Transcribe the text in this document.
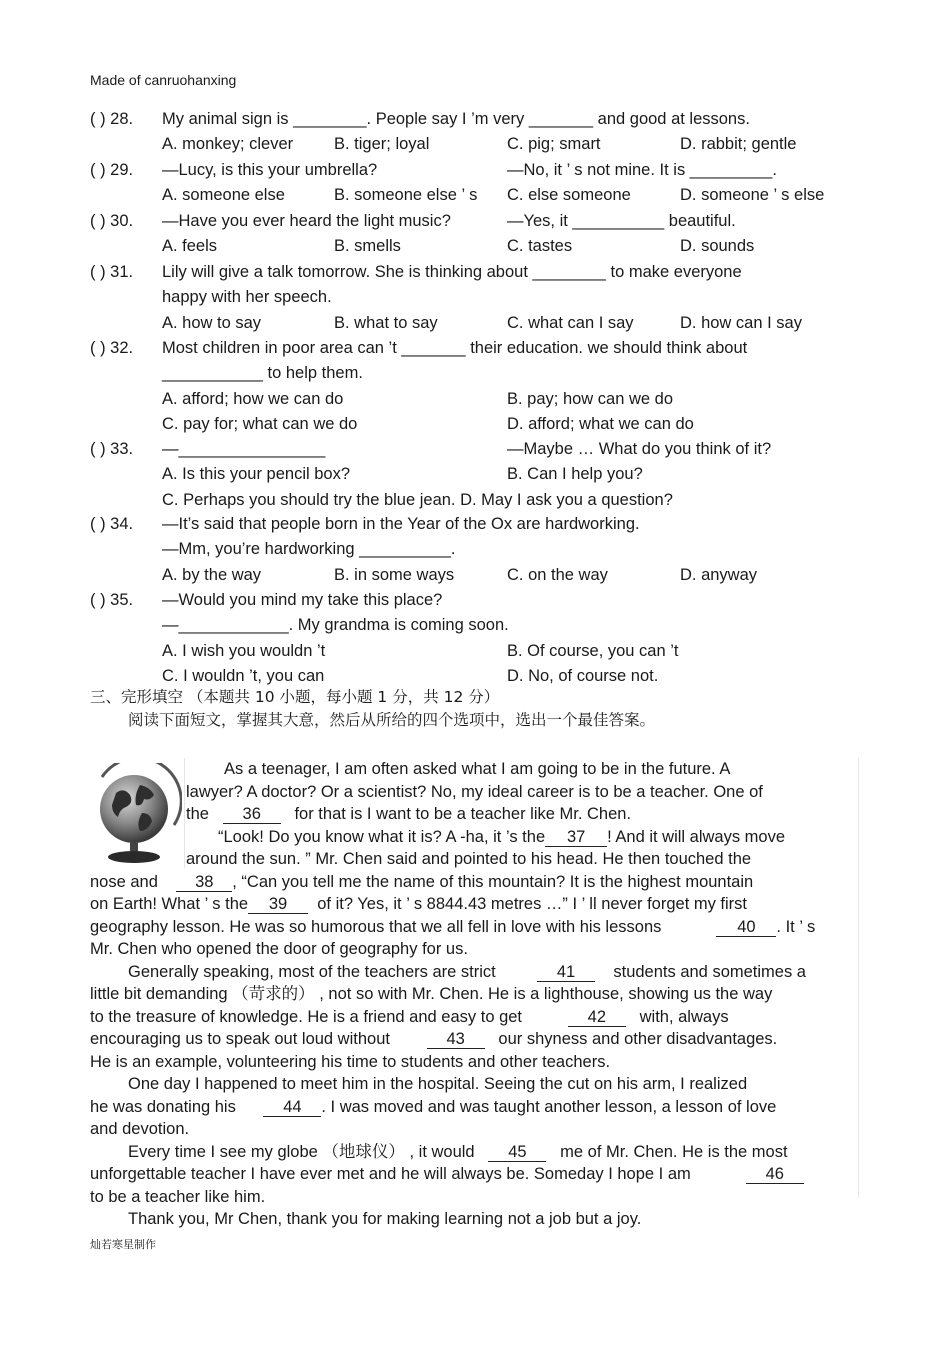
Made of canruohanxing
( ) 28. My animal sign is ________. People say I ’m very _______ and good at lessons.
A. monkey; clever B. tiger; loyal	C. pig; smart	D. rabbit; gentle
( ) 29. —Lucy, is this your umbrella?	—No, it ’ s not mine. It is _________.
A. someone else	B. someone else ’ s C. else someone	D. someone ’ s else
( ) 30. —Have you ever heard the light music?	—Yes, it __________ beautiful.
A. feels	B. smells	C. tastes	D. sounds
( ) 31. Lily will give a talk tomorrow. She is thinking about ________ to make everyone
happy with her speech.
A. how to say	B. what to say	C. what can I say	D. how can I say
( ) 32. Most children in poor area can ’t _______ their education. we should think about
___________ to help them.
A. afford; how we can do	B. pay; how can we do
C. pay for; what can we do	D. afford; what we can do
( ) 33. —________________	—Maybe … What do you think of it?
A. Is this your pencil box?	B. Can I help you?
C. Perhaps you should try the blue jean. D. May I ask you a question?
( ) 34. —It’s said that people born in the Year of the Ox are hardworking.
—Mm, you’re hardworking __________.
A. by the way	B. in some ways	C. on the way	D. anyway
( ) 35. —Would you mind my take this place?
—____________. My grandma is coming soon.
A. I wish you wouldn ’t	B. Of course, you can ’t
C. I wouldn ’t, you can	D. No, of course not.
三、完形填空 （本题共 10 小题，每小题 1 分，共 12 分）
阅读下面短文，掌握其大意，然后从所给的四个选项中，选出一个最佳答案。
As a teenager, I am often asked what I am going to be in the future. A
lawyer? A doctor? Or a scientist? No, my ideal career is to be a teacher. One of
the 36 for that is I want to be a teacher like Mr. Chen.
“Look! Do you know what it is? A -ha, it ’s the 37 ! And it will always move
around the sun. ” Mr. Chen said and pointed to his head. He then touched the
nose and 38 , “Can you tell me the name of this mountain? It is the highest mountain
on Earth! What ’ s the 39 of it? Yes, it ’ s 8844.43 metres …” I ’ ll never forget my first
geography lesson. He was so humorous that we all fell in love with his lessons	40 . It ’ s
Mr. Chen who opened the door of geography for us.
Generally speaking, most of the teachers are strict	41 students and sometimes a
little bit demanding （苛求的） , not so with Mr. Chen. He is a lighthouse, showing us the way
to the treasure of knowledge. He is a friend and easy to get	42 with, always
encouraging us to speak out loud without	43 our shyness and other disadvantages.
He is an example, volunteering his time to students and other teachers.
One day I happened to meet him in the hospital. Seeing the cut on his arm, I realized
he was donating his	44 . I was moved and was taught another lesson, a lesson of love
and devotion.
Every time I see my globe （地球仪） , it would 45 me of Mr. Chen. He is the most
unforgettable teacher I have ever met and he will always be. Someday I hope I am	46
to be a teacher like him.
Thank you, Mr Chen, thank you for making learning not a job but a joy.
灿若寒星制作
